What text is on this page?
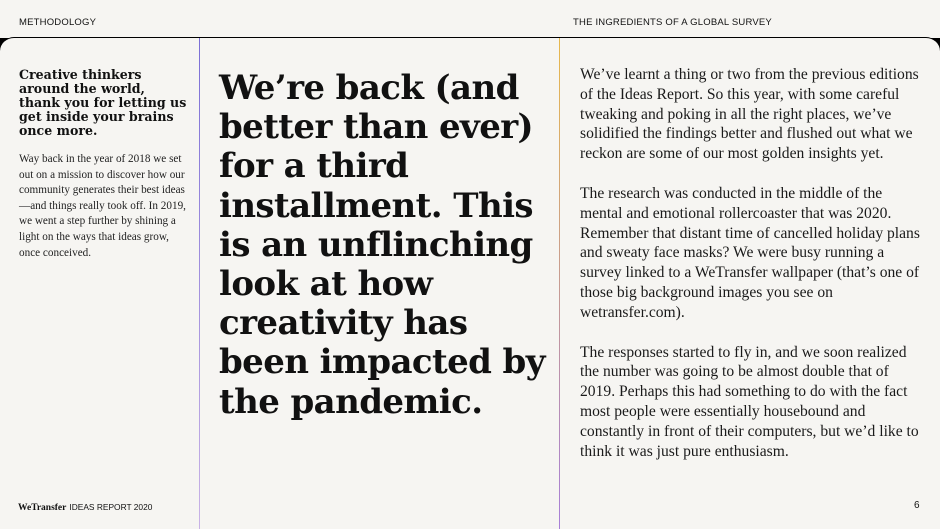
METHODOLOGY	THE INGREDIENTS OF A GLOBAL SURVEY

Creative thinkers around the world, thank you for letting us get inside your brains once more.

Way back in the year of 2018 we set out on a mission to discover how our community generates their best ideas—and things really took off. In 2019, we went a step further by shining a light on the ways that ideas grow, once conceived.

We’re back (and better than ever) for a third installment. This is an unflinching look at how creativity has been impacted by the pandemic.

We’ve learnt a thing or two from the previous editions of the Ideas Report. So this year, with some careful tweaking and poking in all the right places, we’ve solidified the findings better and flushed out what we reckon are some of our most golden insights yet.

The research was conducted in the middle of the mental and emotional rollercoaster that was 2020. Remember that distant time of cancelled holiday plans and sweaty face masks? We were busy running a survey linked to a WeTransfer wallpaper (that’s one of those big background images you see on wetransfer.com).

The responses started to fly in, and we soon realized the number was going to be almost double that of 2019. Perhaps this had something to do with the fact most people were essentially housebound and constantly in front of their computers, but we’d like to think it was just pure enthusiasm.

WeTransfer IDEAS REPORT 2020	6
